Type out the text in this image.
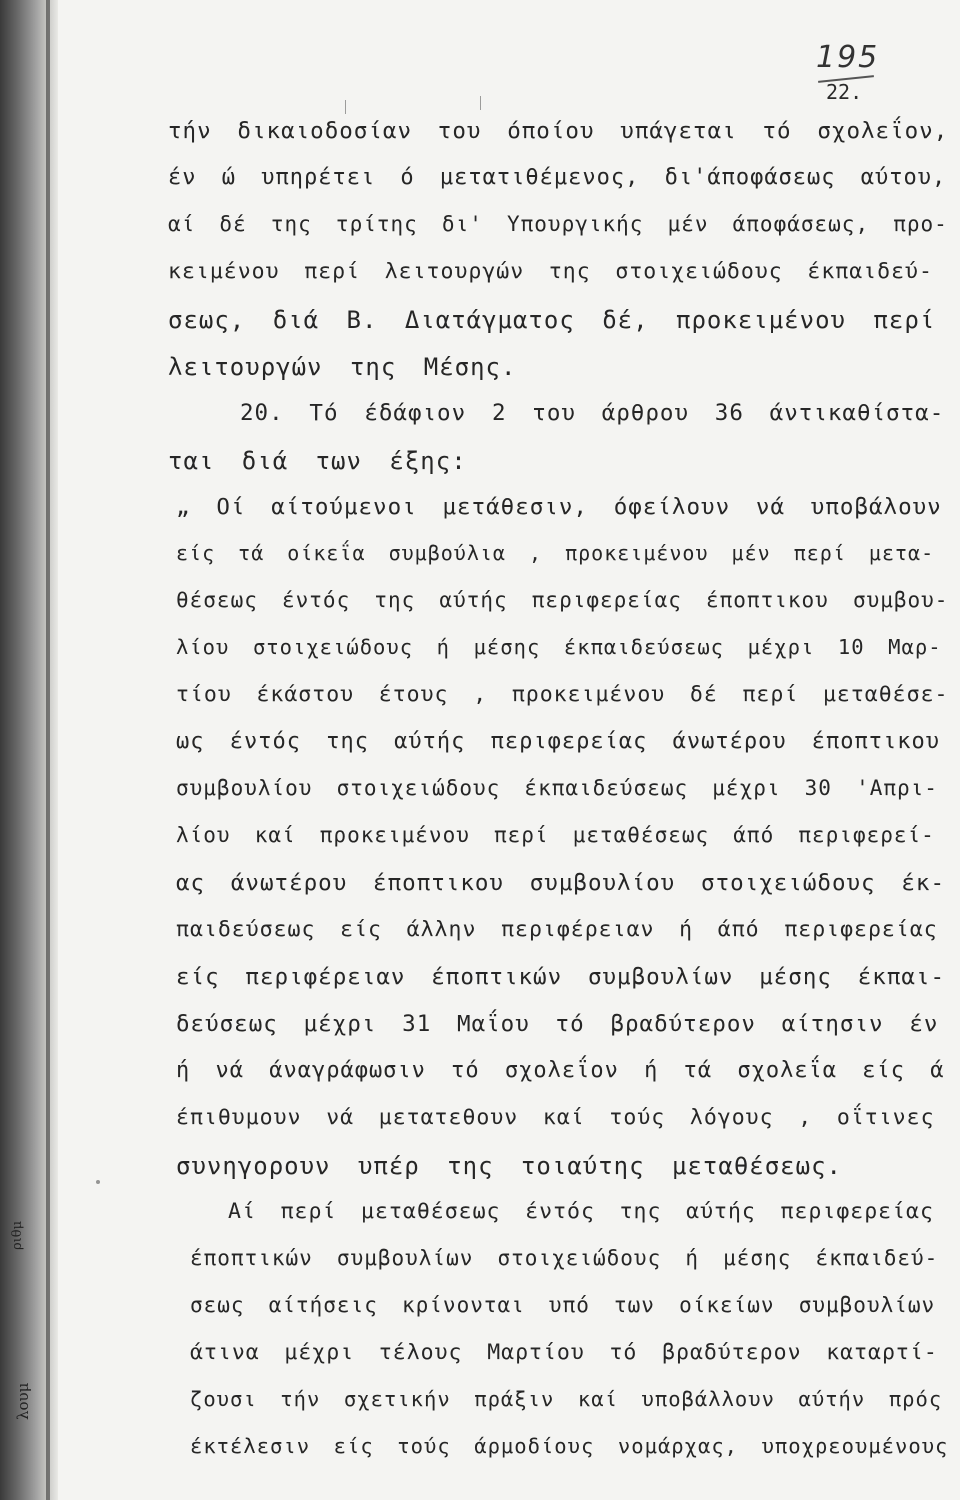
ριθμ
λουμ
195
22.
τήν δικαιοδοσίαν του όποίου υπάγεται τό σχολεΐον,
έν ώ υπηρέτει ό μετατιθέμενος, δι'άποφάσεως αύτου,
αί δέ της τρίτης δι' Υπουργικής μέν άποφάσεως, προ-
κειμένου περί λειτουργών της στοιχειώδους έκπαιδεύ-
σεως, διά Β. Διατάγματος δέ, προκειμένου περί
λειτουργών της Μέσης.
20. Τό έδάφιον 2 του άρθρου 36 άντικαθίστα-
ται διά των έξης:
„ Οί αίτούμενοι μετάθεσιν, όφείλουν νά υποβάλουν
είς τά οίκεΐα συμβούλια , προκειμένου μέν περί μετα-
θέσεως έντός της αύτής περιφερείας έποπτικου συμβου-
λίου στοιχειώδους ή μέσης έκπαιδεύσεως μέχρι 10 Μαρ-
τίου έκάστου έτους , προκειμένου δέ περί μεταθέσε-
ως έντός της αύτής περιφερείας άνωτέρου έποπτικου
συμβουλίου στοιχειώδους έκπαιδεύσεως μέχρι 30 'Απρι-
λίου καί προκειμένου περί μεταθέσεως άπό περιφερεί-
ας άνωτέρου έποπτικου συμβουλίου στοιχειώδους έκ-
παιδεύσεως είς άλλην περιφέρειαν ή άπό περιφερείας
είς περιφέρειαν έποπτικών συμβουλίων μέσης έκπαι-
δεύσεως μέχρι 31 Μαΐου τό βραδύτερον αίτησιν έν
ή νά άναγράφωσιν τό σχολεΐον ή τά σχολεΐα είς ά
έπιθυμουν νά μετατεθουν καί τούς λόγους , οΐτινες
συνηγορουν υπέρ της τοιαύτης μεταθέσεως.
Αί περί μεταθέσεως έντός της αύτής περιφερείας
έποπτικών συμβουλίων στοιχειώδους ή μέσης έκπαιδεύ-
σεως αίτήσεις κρίνονται υπό των οίκείων συμβουλίων
άτινα μέχρι τέλους Μαρτίου τό βραδύτερον καταρτί-
ζουσι τήν σχετικήν πράξιν καί υποβάλλουν αύτήν πρός
έκτέλεσιν είς τούς άρμοδίους νομάρχας, υποχρεουμένους
